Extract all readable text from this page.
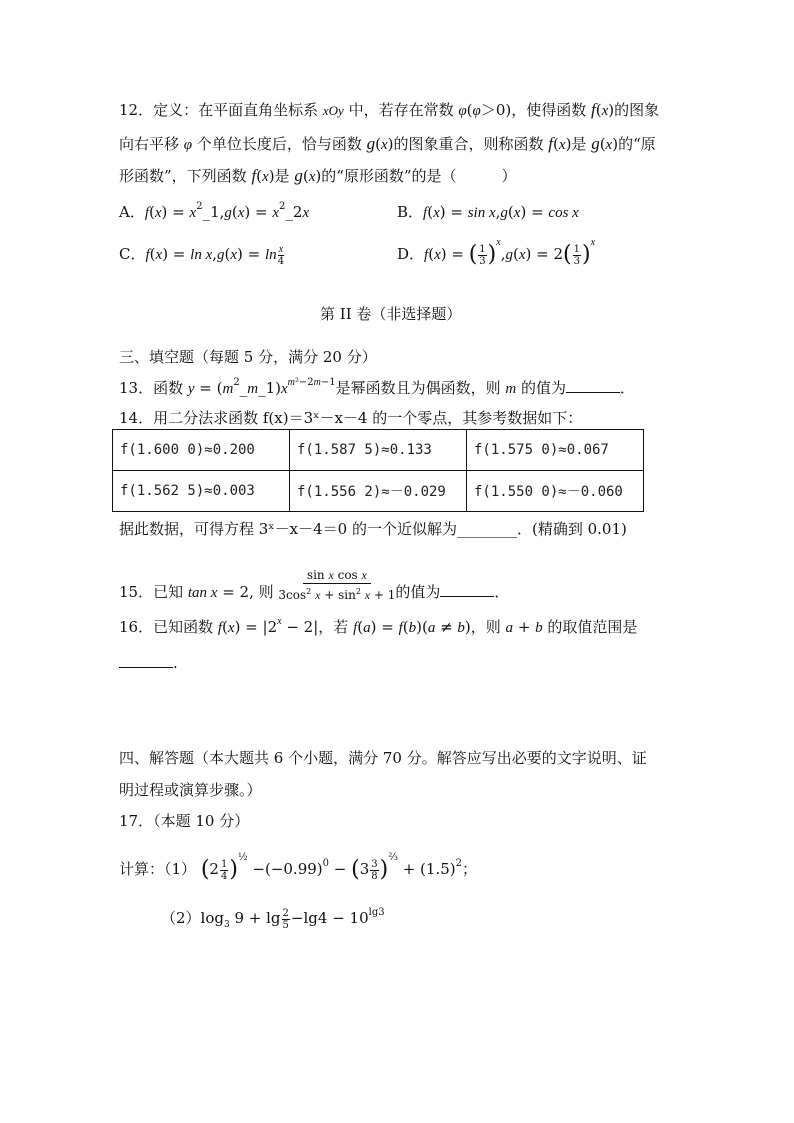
12．定义：在平面直角坐标系 xOy 中，若存在常数 φ(φ＞0)，使得函数 f(x)的图象
向右平移 φ 个单位长度后，恰与函数 g(x)的图象重合，则称函数 f(x)是 g(x)的“原
形函数”，下列函数 f(x)是 g(x)的“原形函数”的是（　　　）
A．$f(x) = x^2\_1,g(x)$ = $x^2\_2x$	B．f(x) = sin x,g(x) = cos x
C．$f(x) = \ln x,g(x) = \ln \frac{x}{4}$	D．f(x) = ( $\frac{1}{3} )^x,g(x) = 2( \frac{1}{3} )^x$
第 II 卷（非选择题）
三、填空题（每题 5 分，满分 20 分）
13．函数 $y = (m^2\_m\_1)x^{m^2-2m-1}$是幂函数且为偶函数，则 m 的值为	．
14．用二分法求函数 f(x)＝3ˣ－x－4 的一个零点，其参考数据如下：
f(1.600 0)≈0.200	f(1.587 5)≈0.133	f(1.575 0)≈0.067
f(1.562 5)≈0.003	f(1.556 2)≈－0.029	f(1.550 0)≈－0.060
据此数据，可得方程 3ˣ－x－4＝0 的一个近似解为________．(精确到 0.01)
15．已知 tan x = 2, 则 $\frac{\text{sin x cos x}}{3\cos^2 x + \sin^2 x + 1}$ 的值为	．
16．已知函数 $f(x) = |2^x - 2|$，若 f(a) = f(b)(a ≠ b)，则 a + b 的取值范围是
.
四、解答题（本大题共 6 个小题，满分 70 分。解答应写出必要的文字说明、证
明过程或演算步骤。）
17．（本题 10 分）
计算：（1） $(2 \frac{1}{4} )^{\frac{1}{2}} -(-0.99)^0 - (3 \frac{3}{8} )^{\frac{2}{3}} + (1.5)^2$；
$(2)\log_3$ $9 + \lg \frac{2}{5} -\lg 4 - 10^{lg3}$
